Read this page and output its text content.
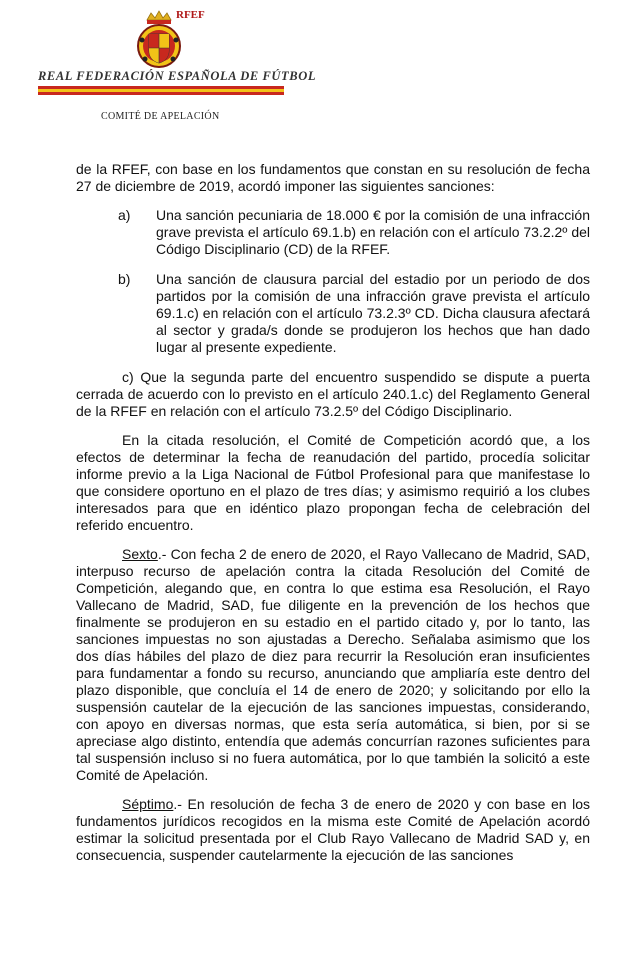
RFEF
REAL FEDERACIÓN ESPAÑOLA DE FÚTBOL
COMITÉ DE APELACIÓN

de la RFEF, con base en los fundamentos que constan en su resolución de fecha 27 de diciembre de 2019, acordó imponer las siguientes sanciones:

a)	Una sanción pecuniaria de 18.000 € por la comisión de una infracción grave prevista el artículo 69.1.b) en relación con el artículo 73.2.2º del Código Disciplinario (CD) de la RFEF.
b)	Una sanción de clausura parcial del estadio por un periodo de dos partidos por la comisión de una infracción grave prevista el artículo 69.1.c) en relación con el artículo 73.2.3º CD. Dicha clausura afectará al sector y grada/s donde se produjeron los hechos que han dado lugar al presente expediente.

c) Que la segunda parte del encuentro suspendido se dispute a puerta cerrada de acuerdo con lo previsto en el artículo 240.1.c) del Reglamento General de la RFEF en relación con el artículo 73.2.5º del Código Disciplinario.

En la citada resolución, el Comité de Competición acordó que, a los efectos de determinar la fecha de reanudación del partido, procedía solicitar informe previo a la Liga Nacional de Fútbol Profesional para que manifestase lo que considere oportuno en el plazo de tres días; y asimismo requirió a los clubes interesados para que en idéntico plazo propongan fecha de celebración del referido encuentro.

Sexto.- Con fecha 2 de enero de 2020, el Rayo Vallecano de Madrid, SAD, interpuso recurso de apelación contra la citada Resolución del Comité de Competición, alegando que, en contra lo que estima esa Resolución, el Rayo Vallecano de Madrid, SAD, fue diligente en la prevención de los hechos que finalmente se produjeron en su estadio en el partido citado y, por lo tanto, las sanciones impuestas no son ajustadas a Derecho. Señalaba asimismo que los dos días hábiles del plazo de diez para recurrir la Resolución eran insuficientes para fundamentar a fondo su recurso, anunciando que ampliaría este dentro del plazo disponible, que concluía el 14 de enero de 2020; y solicitando por ello la suspensión cautelar de la ejecución de las sanciones impuestas, considerando, con apoyo en diversas normas, que esta sería automática, si bien, por si se apreciase algo distinto, entendía que además concurrían razones suficientes para tal suspensión incluso si no fuera automática, por lo que también la solicitó a este Comité de Apelación.

Séptimo.- En resolución de fecha 3 de enero de 2020 y con base en los fundamentos jurídicos recogidos en la misma este Comité de Apelación acordó estimar la solicitud presentada por el Club Rayo Vallecano de Madrid SAD y, en consecuencia, suspender cautelarmente la ejecución de las sanciones
